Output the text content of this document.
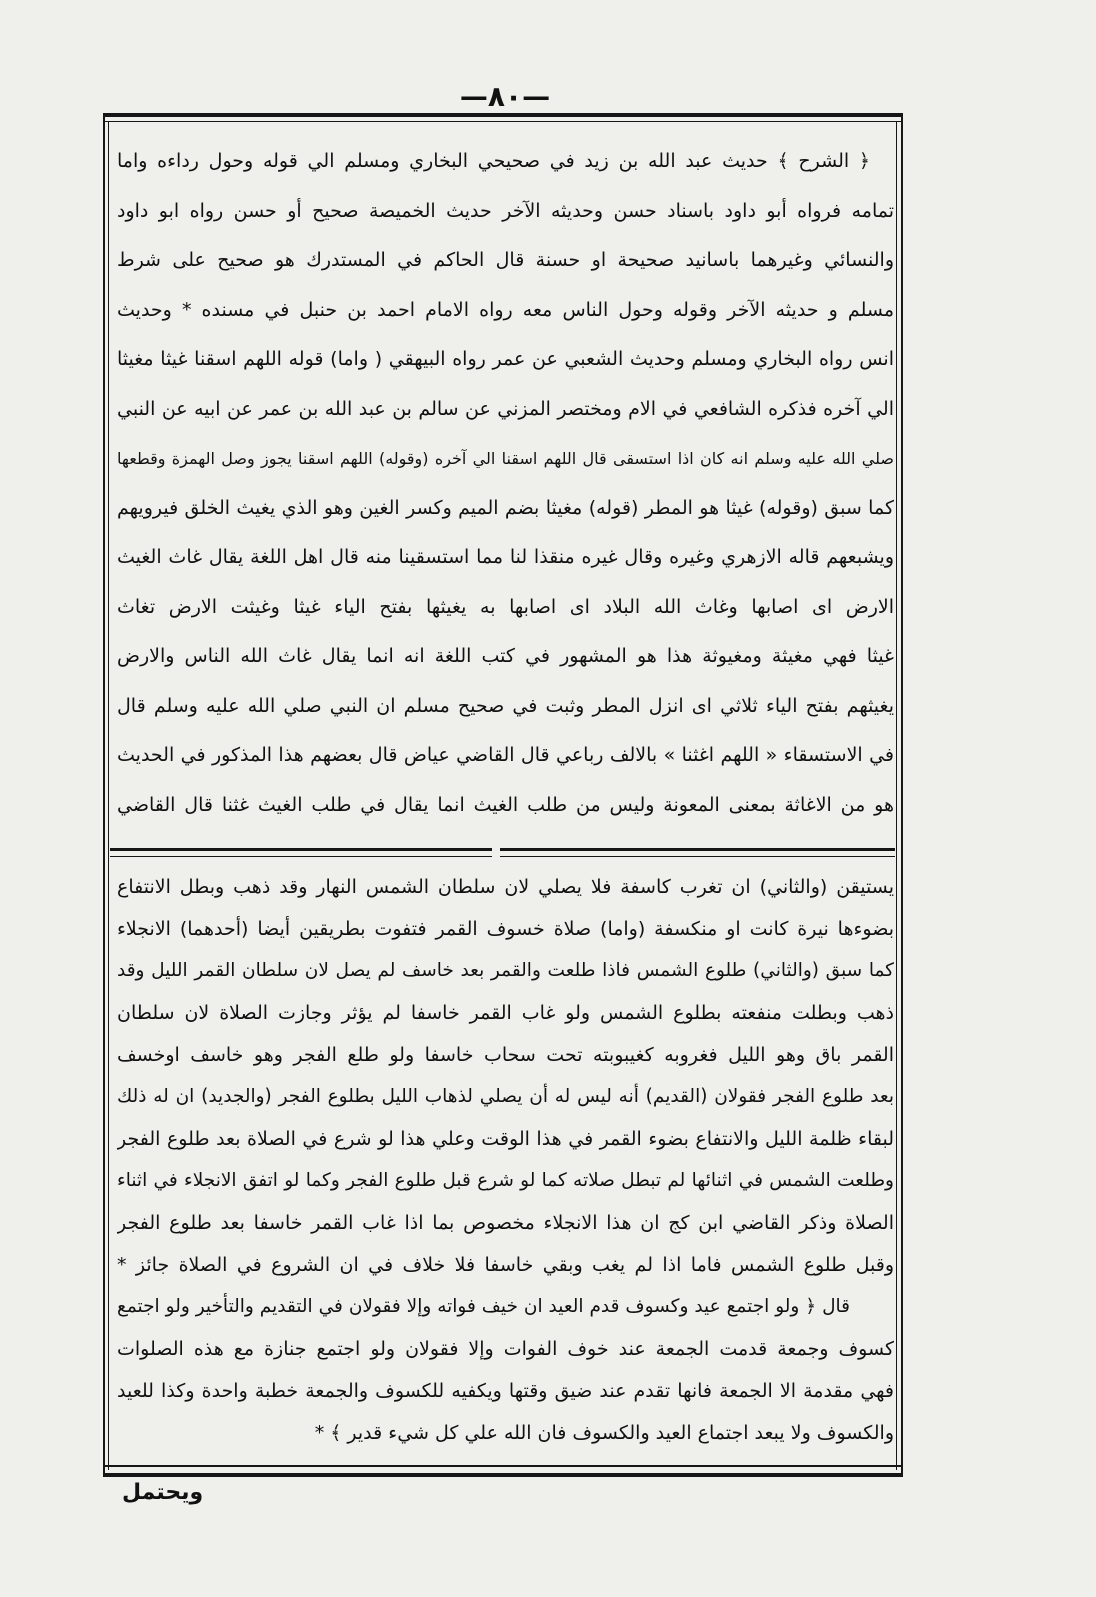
—٨٠—
﴿ الشرح ﴾ حديث عبد الله بن زيد في صحيحي البخاري ومسلم الي قوله وحول رداءه واما
تمامه فرواه أبو داود باسناد حسن وحديثه الآخر حديث الخميصة صحيح أو حسن رواه ابو داود
والنسائي وغيرهما باسانيد صحيحة او حسنة قال الحاكم في المستدرك هو صحيح على شرط
مسلم و حديثه الآخر وقوله وحول الناس معه رواه الامام احمد بن حنبل في مسنده * وحديث
انس رواه البخاري ومسلم وحديث الشعبي عن عمر رواه البيهقي ( واما) قوله اللهم اسقنا غيثا مغيثا
الي آخره فذكره الشافعي في الام ومختصر المزني عن سالم بن عبد الله بن عمر عن ابيه عن النبي
صلي الله عليه وسلم انه كان اذا استسقى قال اللهم اسقنا الي آخره (وقوله) اللهم اسقنا يجوز وصل الهمزة وقطعها
كما سبق (وقوله) غيثا هو المطر (قوله) مغيثا بضم الميم وكسر الغين وهو الذي يغيث الخلق فيرويهم
ويشبعهم قاله الازهري وغيره وقال غيره منقذا لنا مما استسقينا منه قال اهل اللغة يقال غاث الغيث
الارض اى اصابها وغاث الله البلاد اى اصابها به يغيثها بفتح الياء غيثا وغيثت الارض تغاث
غيثا فهي مغيثة ومغيوثة هذا هو المشهور في كتب اللغة انه انما يقال غاث الله الناس والارض
يغيثهم بفتح الياء ثلاثي اى انزل المطر وثبت في صحيح مسلم ان النبي صلي الله عليه وسلم قال
في الاستسقاء « اللهم اغثنا » بالالف رباعي قال القاضي عياض قال بعضهم هذا المذكور في الحديث
هو من الاغاثة بمعنى المعونة وليس من طلب الغيث انما يقال في طلب الغيث غثنا قال القاضي
يستيقن (والثاني) ان تغرب كاسفة فلا يصلي لان سلطان الشمس النهار وقد ذهب وبطل الانتفاع
بضوءها نيرة كانت او منكسفة (واما) صلاة خسوف القمر فتفوت بطريقين أيضا (أحدهما) الانجلاء
كما سبق (والثاني) طلوع الشمس فاذا طلعت والقمر بعد خاسف لم يصل لان سلطان القمر الليل وقد
ذهب وبطلت منفعته بطلوع الشمس ولو غاب القمر خاسفا لم يؤثر وجازت الصلاة لان سلطان
القمر باق وهو الليل فغروبه كغيبوبته تحت سحاب خاسفا ولو طلع الفجر وهو خاسف اوخسف
بعد طلوع الفجر فقولان (القديم) أنه ليس له أن يصلي لذهاب الليل بطلوع الفجر (والجديد) ان له ذلك
لبقاء ظلمة الليل والانتفاع بضوء القمر في هذا الوقت وعلي هذا لو شرع في الصلاة بعد طلوع الفجر
وطلعت الشمس في اثنائها لم تبطل صلاته كما لو شرع قبل طلوع الفجر وكما لو اتفق الانجلاء في اثناء
الصلاة وذكر القاضي ابن كج ان هذا الانجلاء مخصوص بما اذا غاب القمر خاسفا بعد طلوع الفجر
وقبل طلوع الشمس فاما اذا لم يغب وبقي خاسفا فلا خلاف في ان الشروع في الصلاة جائز *
قال ﴿ ولو اجتمع عيد وكسوف قدم العيد ان خيف فواته وإلا فقولان في التقديم والتأخير ولو اجتمع
كسوف وجمعة قدمت الجمعة عند خوف الفوات وإلا فقولان ولو اجتمع جنازة مع هذه الصلوات
فهي مقدمة الا الجمعة فانها تقدم عند ضيق وقتها ويكفيه للكسوف والجمعة خطبة واحدة وكذا للعيد
والكسوف ولا يبعد اجتماع العيد والكسوف فان الله علي كل شيء قدير ﴾ *
ويحتمل
